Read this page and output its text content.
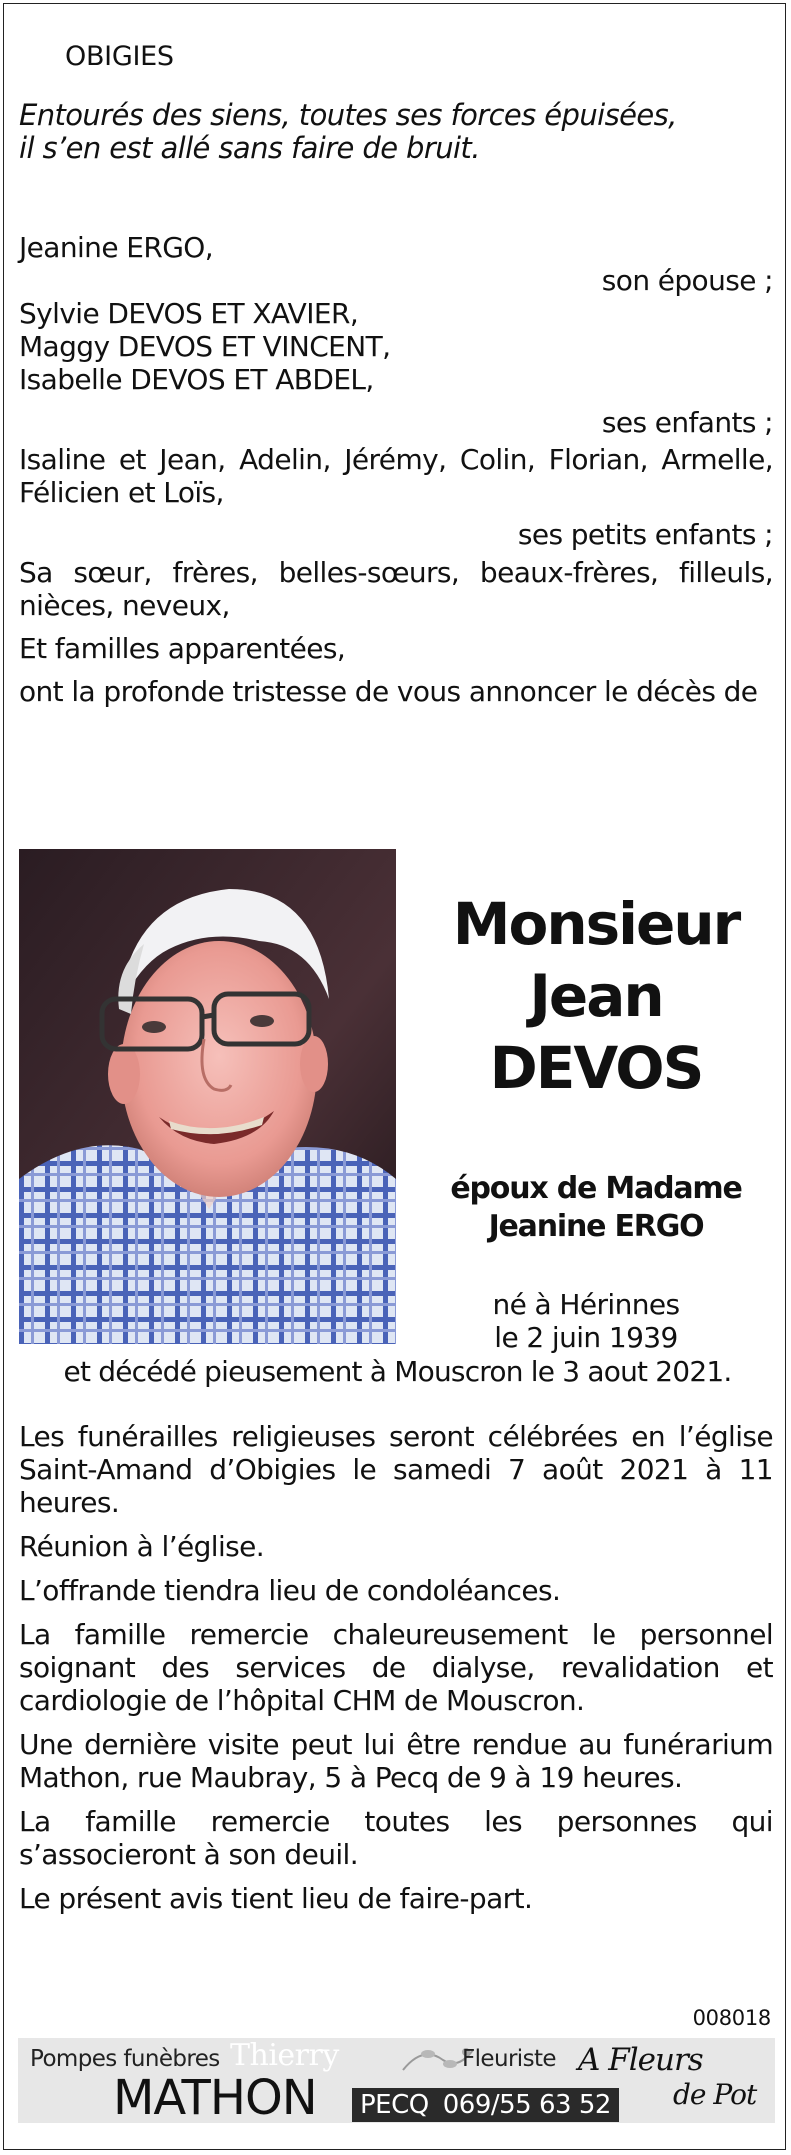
OBIGIES

Entourés des siens, toutes ses forces épuisées,

il s’en est allé sans faire de bruit.

Jeanine ERGO,

son épouse ;

Sylvie DEVOS ET XAVIER,

Maggy DEVOS ET VINCENT,

Isabelle DEVOS ET ABDEL,

ses enfants ;

Isaline et Jean, Adelin, Jérémy, Colin, Florian, Armelle, Félicien et Loïs,

ses petits enfants ;

Sa sœur, frères, belles-sœurs, beaux-frères, filleuls, nièces, neveux,

Et familles apparentées,

ont la profonde tristesse de vous annoncer le décès de

Monsieur
Jean
DEVOS
époux de Madame
Jeanine ERGO
né à Hérinnes
le 2 juin 1939
et décédé pieusement à Mouscron le 3 aout 2021.

Les funérailles religieuses seront célébrées en l’église Saint-Amand d’Obigies le samedi 7 août 2021 à 11 heures.

Réunion à l’église.

L’offrande tiendra lieu de condoléances.

La famille remercie chaleureusement le personnel soignant des services de dialyse, revalidation et cardiologie de l’hôpital CHM de Mouscron.

Une dernière visite peut lui être rendue au funérarium Mathon, rue Maubray, 5 à Pecq de 9 à 19 heures.

La famille remercie toutes les personnes qui s’associeront à son deuil.

Le présent avis tient lieu de faire-part.

008018
Pompes funèbres Thierry
MATHON	PECQ 069/55 63 52
Fleuriste A Fleurs
de Pot
